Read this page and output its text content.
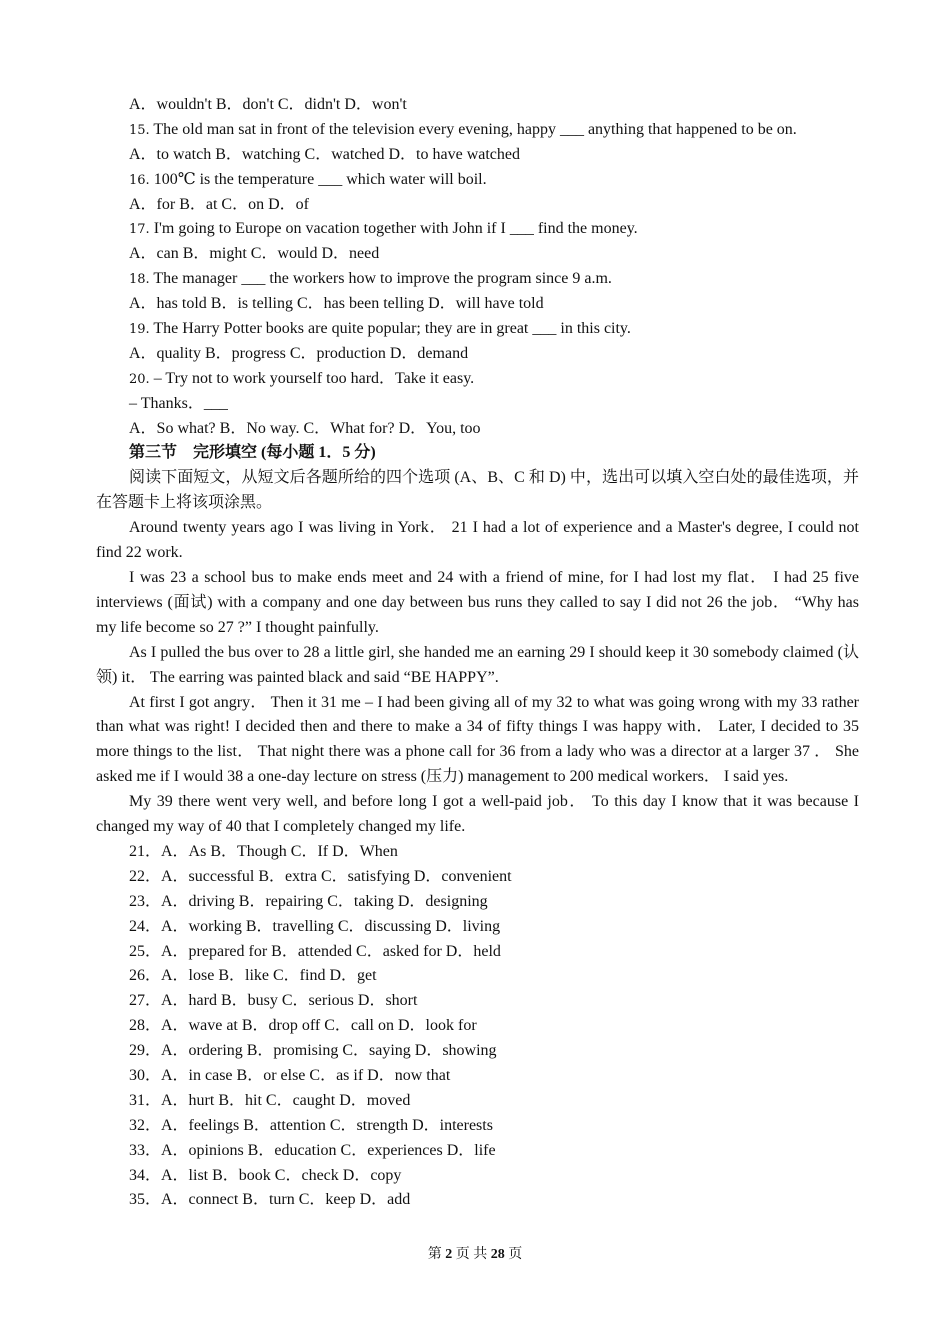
A．wouldn't B．don't C．didn't D．won't
15. The old man sat in front of the television every evening, happy ___ anything that happened to be on.
A．to watch B．watching C．watched D．to have watched
16. 100℃ is the temperature ___ which water will boil.
A．for B．at C．on D．of
17. I'm going to Europe on vacation together with John if I ___ find the money.
A．can B．might C．would D．need
18. The manager ___ the workers how to improve the program since 9 a.m.
A．has told B．is telling C．has been telling D．will have told
19. The Harry Potter books are quite popular; they are in great ___ in this city.
A．quality B．progress C．production D．demand
20. – Try not to work yourself too hard．Take it easy.
– Thanks．___
A．So what? B．No way. C．What for? D．You, too
第三节　完形填空 (每小题 1．5 分)

阅读下面短文，从短文后各题所给的四个选项 (A、B、C 和 D) 中，选出可以填入空白处的最佳选项，并在答题卡上将该项涂黑。

Around twenty years ago I was living in York． 21 I had a lot of experience and a Master's degree, I could not find 22 work.

I was 23 a school bus to make ends meet and 24 with a friend of mine, for I had lost my flat． I had 25 five interviews (面试) with a company and one day between bus runs they called to say I did not 26 the job． “Why has my life become so 27 ?” I thought painfully.

As I pulled the bus over to 28 a little girl, she handed me an earning 29 I should keep it 30 somebody claimed (认领) it． The earring was painted black and said “BE HAPPY”.

At first I got angry． Then it 31 me – I had been giving all of my 32 to what was going wrong with my 33 rather than what was right! I decided then and there to make a 34 of fifty things I was happy with． Later, I decided to 35 more things to the list． That night there was a phone call for 36 from a lady who was a director at a larger 37 ． She asked me if I would 38 a one-day lecture on stress (压力) management to 200 medical workers． I said yes.

My 39 there went very well, and before long I got a well-paid job． To this day I know that it was because I changed my way of 40 that I completely changed my life.

21．A．As B．Though C．If D．When
22．A．successful B．extra C．satisfying D．convenient
23．A．driving B．repairing C．taking D．designing
24．A．working B．travelling C．discussing D．living
25．A．prepared for B．attended C．asked for D．held
26．A．lose B．like C．find D．get
27．A．hard B．busy C．serious D．short
28．A．wave at B．drop off C．call on D．look for
29．A．ordering B．promising C．saying D．showing
30．A．in case B．or else C．as if D．now that
31．A．hurt B．hit C．caught D．moved
32．A．feelings B．attention C．strength D．interests
33．A．opinions B．education C．experiences D．life
34．A．list B．book C．check D．copy
35．A．connect B．turn C．keep D．add
第 2 页 共 28 页
